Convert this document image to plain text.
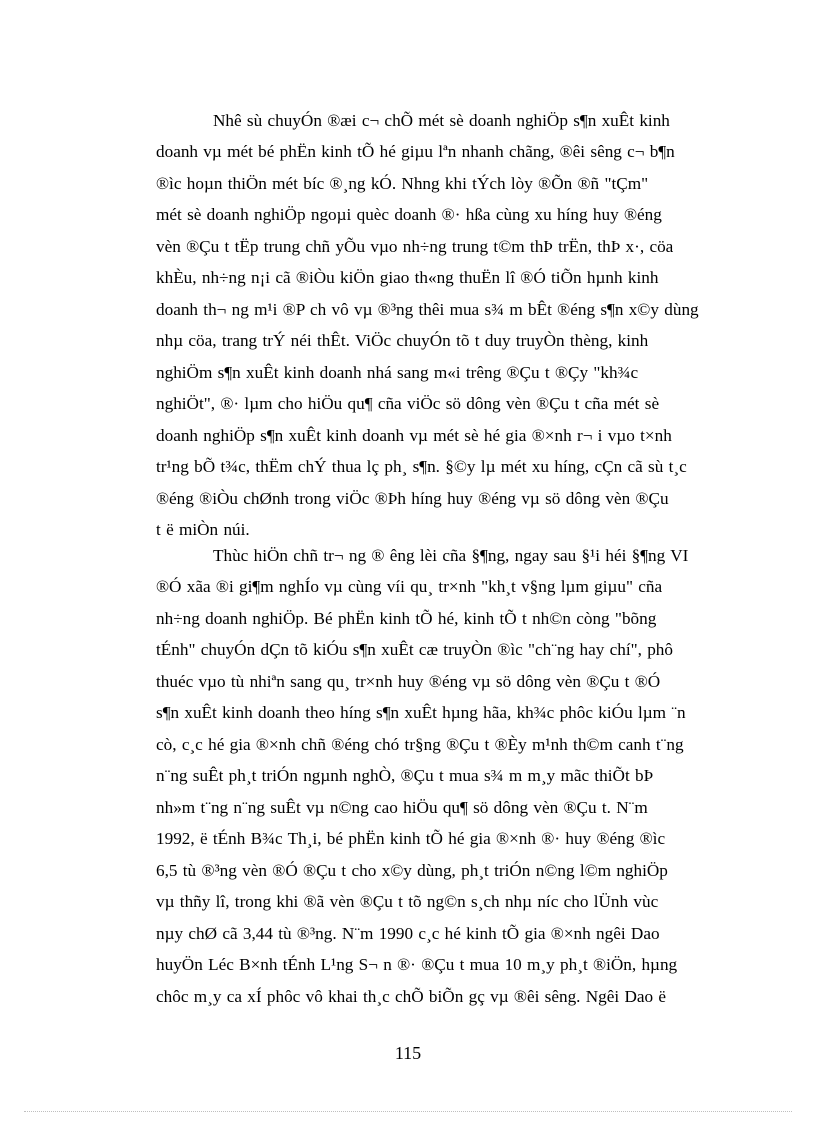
Nhê sù chuyÓn ®æi c¬ chÕ mét sè doanh nghiÖp s¶n xuÊt kinh
doanh vµ mét bé phËn kinh tÕ hé giµu lªn nhanh chãng, ®êi sêng c¬ b¶n
®ìc hoµn thiÖn mét bíc ®¸ng kÓ. Nhng khi tÝch lòy ®Õn ®ñ "tÇm"
mét sè doanh nghiÖp ngoµi quèc doanh ®· hßa cùng xu híng huy ®éng
vèn ®Çu t tËp trung chñ yÕu vµo nh÷ng trung t©m thÞ trËn, thÞ x·, cöa
khÈu, nh÷ng n¡i cã ®iÒu kiÖn giao th«ng thuËn lî ®Ó tiÕn hµnh kinh
doanh th¬ ng m¹i ®P ch vô vµ ®³ng thêi mua s¾ m bÊt ®éng s¶n x©y dùng
nhµ cöa, trang trÝ néi thÊt. ViÖc chuyÓn tõ t duy truyÒn thèng, kinh
nghiÖm s¶n xuÊt kinh doanh nhá sang m«i trêng ®Çu t ®Çy "kh¾c
nghiÖt", ®· lµm cho hiÖu qu¶ cña viÖc sö dông vèn ®Çu t cña mét sè
doanh nghiÖp s¶n xuÊt kinh doanh vµ mét sè hé gia ®×nh r¬ i vµo t×nh
tr¹ng bÕ t¾c, thËm chÝ thua lç ph¸ s¶n. §©y lµ mét xu híng, cÇn cã sù t¸c
®éng ®iÒu chØnh trong viÖc ®Þh híng huy ®éng vµ sö dông vèn ®Çu
t ë miÒn núi.
Thùc hiÖn chñ tr¬ ng ® êng lèi cña §¶ng, ngay sau §¹i héi §¶ng VI
®Ó xãa ®i gi¶m nghÍo vµ cùng víi qu¸ tr×nh "kh¸t v§ng lµm giµu" cña
nh÷ng doanh nghiÖp. Bé phËn kinh tÕ hé, kinh tÕ t nh©n còng "bõng
tÉnh" chuyÓn dÇn tõ kiÓu s¶n xuÊt cæ truyÒn ®ìc "ch¨ng hay chí", phô
thuéc vµo tù nhiªn sang qu¸ tr×nh huy ®éng vµ sö dông vèn ®Çu t ®Ó
s¶n xuÊt kinh doanh theo híng s¶n xuÊt hµng hãa, kh¾c phôc kiÓu lµm ¨n
cò, c¸c hé gia ®×nh chñ ®éng chó tr§ng ®Çu t ®Èy m¹nh th©m canh t¨ng
n¨ng suÊt ph¸t triÓn ngµnh nghÒ, ®Çu t mua s¾ m m¸y mãc thiÕt bÞ
nh»m t¨ng n¨ng suÊt vµ n©ng cao hiÖu qu¶ sö dông vèn ®Çu t. N¨m
1992, ë tÉnh B¾c Th¸i, bé phËn kinh tÕ hé gia ®×nh ®· huy ®éng ®ìc
6,5 tù ®³ng vèn ®Ó ®Çu t cho x©y dùng, ph¸t triÓn n©ng l©m nghiÖp
vµ thñy lî, trong khi ®ã vèn ®Çu t tõ ng©n s¸ch nhµ níc cho lÜnh vùc
nµy chØ cã 3,44 tù ®³ng. N¨m 1990 c¸c hé kinh tÕ gia ®×nh ngêi Dao
huyÖn Léc B×nh tÉnh L¹ng S¬ n ®· ®Çu t mua 10 m¸y ph¸t ®iÖn, hµng
chôc m¸y ca xÍ phôc vô khai th¸c chÕ biÕn gç vµ ®êi sêng. Ngêi Dao ë
115
